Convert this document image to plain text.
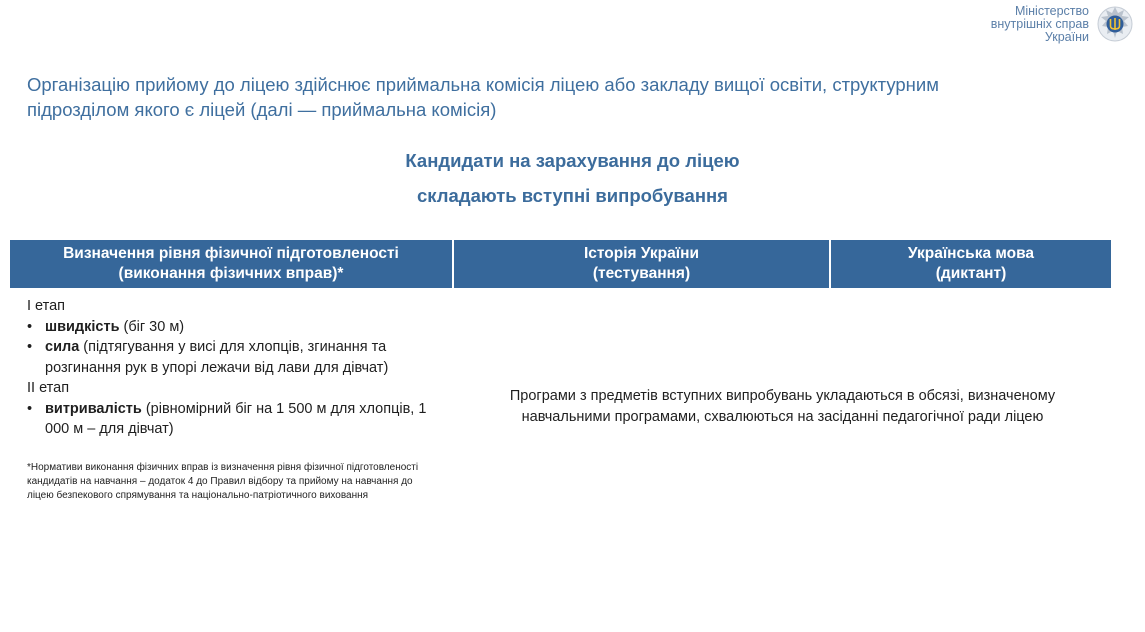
Міністерство
внутрішніх справ
України
Організацію прийому до ліцею здійснює приймальна комісія ліцею або закладу вищої освіти, структурним
підрозділом якого є ліцей (далі — приймальна комісія)
Кандидати на зарахування до ліцею
складають вступні випробування
Визначення рівня фізичної підготовленості
(виконання фізичних вправ)*
Історія України
(тестування)
Українська мова
(диктант)

I етап

• швидкість (біг 30 м)
• сила (підтягування у висі для хлопців, згинання та розгинання рук в упорі лежачи від лави для дівчат)

II етап

• витривалість (рівномірний біг на 1 500 м для хлопців, 1 000 м – для дівчат)
*Нормативи виконання фізичних вправ із визначення рівня фізичної підготовленості кандидатів на навчання – додаток 4 до Правил відбору та прийому на навчання до ліцею безпекового спрямування та національно-патріотичного виховання
Програми з предметів вступних випробувань укладаються в обсязі, визначеному
навчальними програмами, схвалюються на засіданні педагогічної ради ліцею
